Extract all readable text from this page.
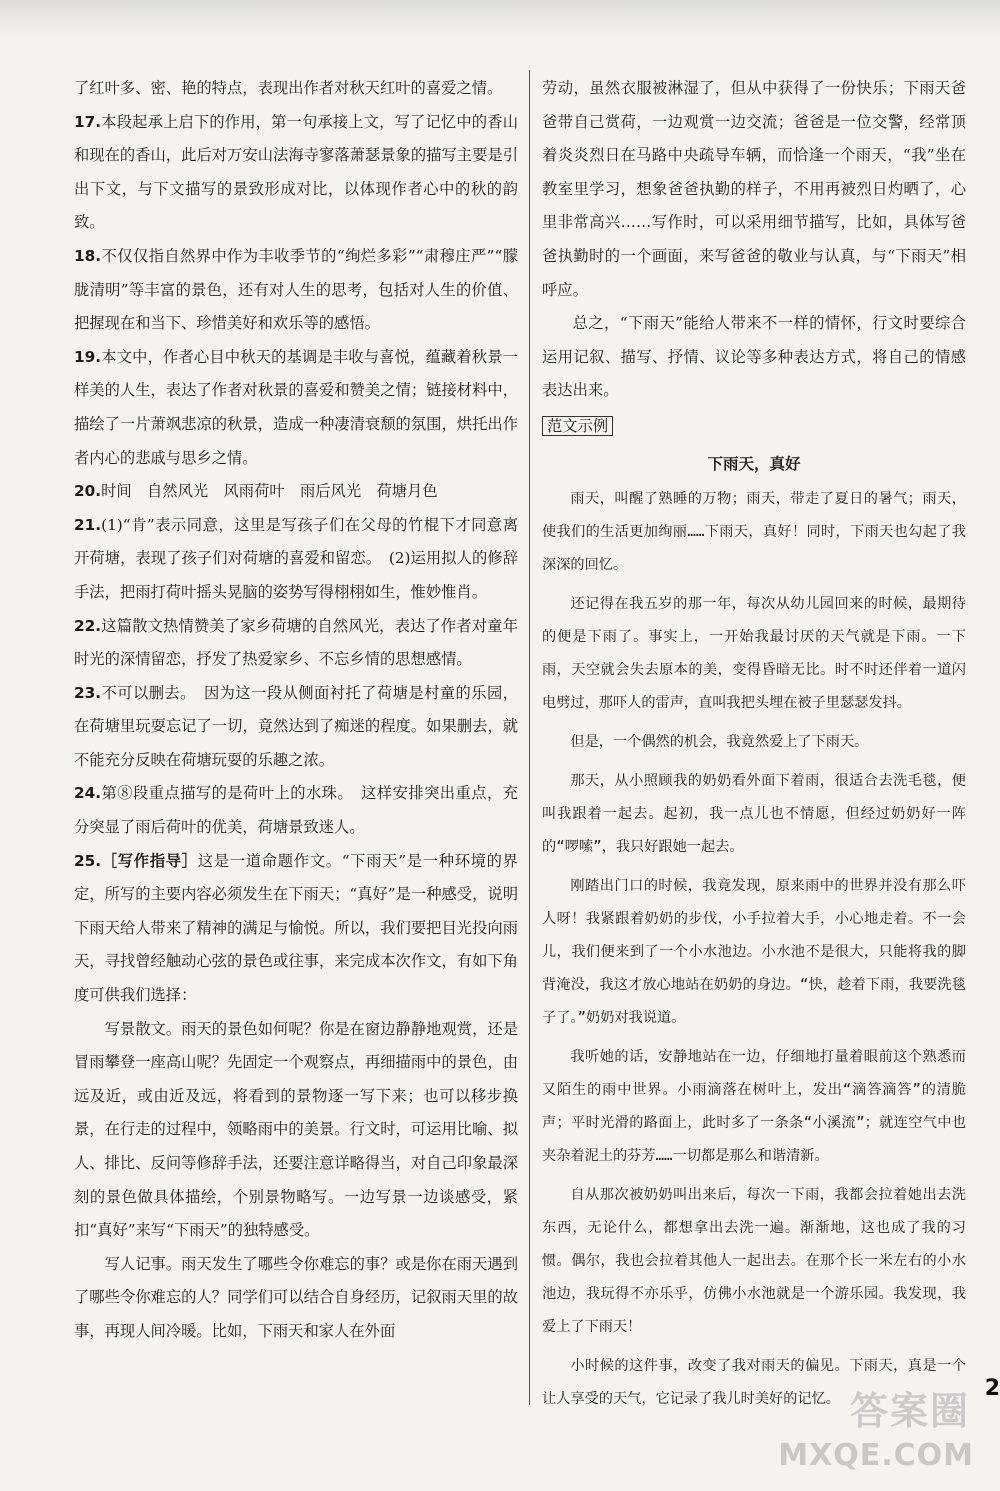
了红叶多、密、艳的特点，表现出作者对秋天红叶的喜爱之情。

17.本段起承上启下的作用，第一句承接上文，写了记忆中的香山和现在的香山，此后对万安山法海寺寥落萧瑟景象的描写主要是引出下文，与下文描写的景致形成对比，以体现作者心中的秋的韵致。

18.不仅仅指自然界中作为丰收季节的“绚烂多彩”“肃穆庄严”“朦胧清明”等丰富的景色，还有对人生的思考，包括对人生的价值、把握现在和当下、珍惜美好和欢乐等的感悟。

19.本文中，作者心目中秋天的基调是丰收与喜悦，蕴藏着秋景一样美的人生，表达了作者对秋景的喜爱和赞美之情；链接材料中，描绘了一片萧飒悲凉的秋景，造成一种凄清衰颓的氛围，烘托出作者内心的悲戚与思乡之情。

20.时间　自然风光　风雨荷叶　雨后风光　荷塘月色

21.(1)“肯”表示同意，这里是写孩子们在父母的竹棍下才同意离开荷塘，表现了孩子们对荷塘的喜爱和留恋。　(2)运用拟人的修辞手法，把雨打荷叶摇头晃脑的姿势写得栩栩如生，惟妙惟肖。

22.这篇散文热情赞美了家乡荷塘的自然风光，表达了作者对童年时光的深情留恋，抒发了热爱家乡、不忘乡情的思想感情。

23.不可以删去。　因为这一段从侧面衬托了荷塘是村童的乐园，在荷塘里玩耍忘记了一切，竟然达到了痴迷的程度。如果删去，就不能充分反映在荷塘玩耍的乐趣之浓。

24.第⑧段重点描写的是荷叶上的水珠。　这样安排突出重点，充分突显了雨后荷叶的优美，荷塘景致迷人。

25.［写作指导］这是一道命题作文。“下雨天”是一种环境的界定，所写的主要内容必须发生在下雨天；“真好”是一种感受，说明下雨天给人带来了精神的满足与愉悦。所以，我们要把目光投向雨天，寻找曾经触动心弦的景色或往事，来完成本次作文，有如下角度可供我们选择：

写景散文。雨天的景色如何呢？你是在窗边静静地观赏，还是冒雨攀登一座高山呢？先固定一个观察点，再细描雨中的景色，由远及近，或由近及远，将看到的景物逐一写下来；也可以移步换景，在行走的过程中，领略雨中的美景。行文时，可运用比喻、拟人、排比、反问等修辞手法，还要注意详略得当，对自己印象最深刻的景色做具体描绘，个别景物略写。一边写景一边谈感受，紧扣“真好”来写“下雨天”的独特感受。

写人记事。雨天发生了哪些令你难忘的事？或是你在雨天遇到了哪些令你难忘的人？同学们可以结合自身经历，记叙雨天里的故事，再现人间冷暖。比如，下雨天和家人在外面

劳动，虽然衣服被淋湿了，但从中获得了一份快乐；下雨天爸爸带自己赏荷，一边观赏一边交流；爸爸是一位交警，经常顶着炎炎烈日在马路中央疏导车辆，而恰逢一个雨天，“我”坐在教室里学习，想象爸爸执勤的样子，不用再被烈日灼晒了，心里非常高兴……写作时，可以采用细节描写，比如，具体写爸爸执勤时的一个画面，来写爸爸的敬业与认真，与“下雨天”相呼应。

总之，“下雨天”能给人带来不一样的情怀，行文时要综合运用记叙、描写、抒情、议论等多种表达方式，将自己的情感表达出来。

范文示例

下雨天，真好

雨天，叫醒了熟睡的万物；雨天，带走了夏日的暑气；雨天，使我们的生活更加绚丽……下雨天，真好！同时，下雨天也勾起了我深深的回忆。

还记得在我五岁的那一年，每次从幼儿园回来的时候，最期待的便是下雨了。事实上，一开始我最讨厌的天气就是下雨。一下雨，天空就会失去原本的美，变得昏暗无比。时不时还伴着一道闪电劈过，那吓人的雷声，直叫我把头埋在被子里瑟瑟发抖。

但是，一个偶然的机会，我竟然爱上了下雨天。

那天，从小照顾我的奶奶看外面下着雨，很适合去洗毛毯，便叫我跟着一起去。起初，我一点儿也不情愿，但经过奶奶好一阵的“啰嗦”，我只好跟她一起去。

刚踏出门口的时候，我竟发现，原来雨中的世界并没有那么吓人呀！我紧跟着奶奶的步伐，小手拉着大手，小心地走着。不一会儿，我们便来到了一个小水池边。小水池不是很大，只能将我的脚背淹没，我这才放心地站在奶奶的身边。“快，趁着下雨，我要洗毯子了。”奶奶对我说道。

我听她的话，安静地站在一边，仔细地打量着眼前这个熟悉而又陌生的雨中世界。小雨滴落在树叶上，发出“滴答滴答”的清脆声；平时光滑的路面上，此时多了一条条“小溪流”；就连空气中也夹杂着泥土的芬芳……一切都是那么和谐清新。

自从那次被奶奶叫出来后，每次一下雨，我都会拉着她出去洗东西，无论什么，都想拿出去洗一遍。渐渐地，这也成了我的习惯。偶尔，我也会拉着其他人一起出去。在那个长一米左右的小水池边，我玩得不亦乐乎，仿佛小水池就是一个游乐园。我发现，我爱上了下雨天！

小时候的这件事，改变了我对雨天的偏见。下雨天，真是一个让人享受的天气，它记录了我儿时美好的记忆。 答案圈
MXQE.COM
2
